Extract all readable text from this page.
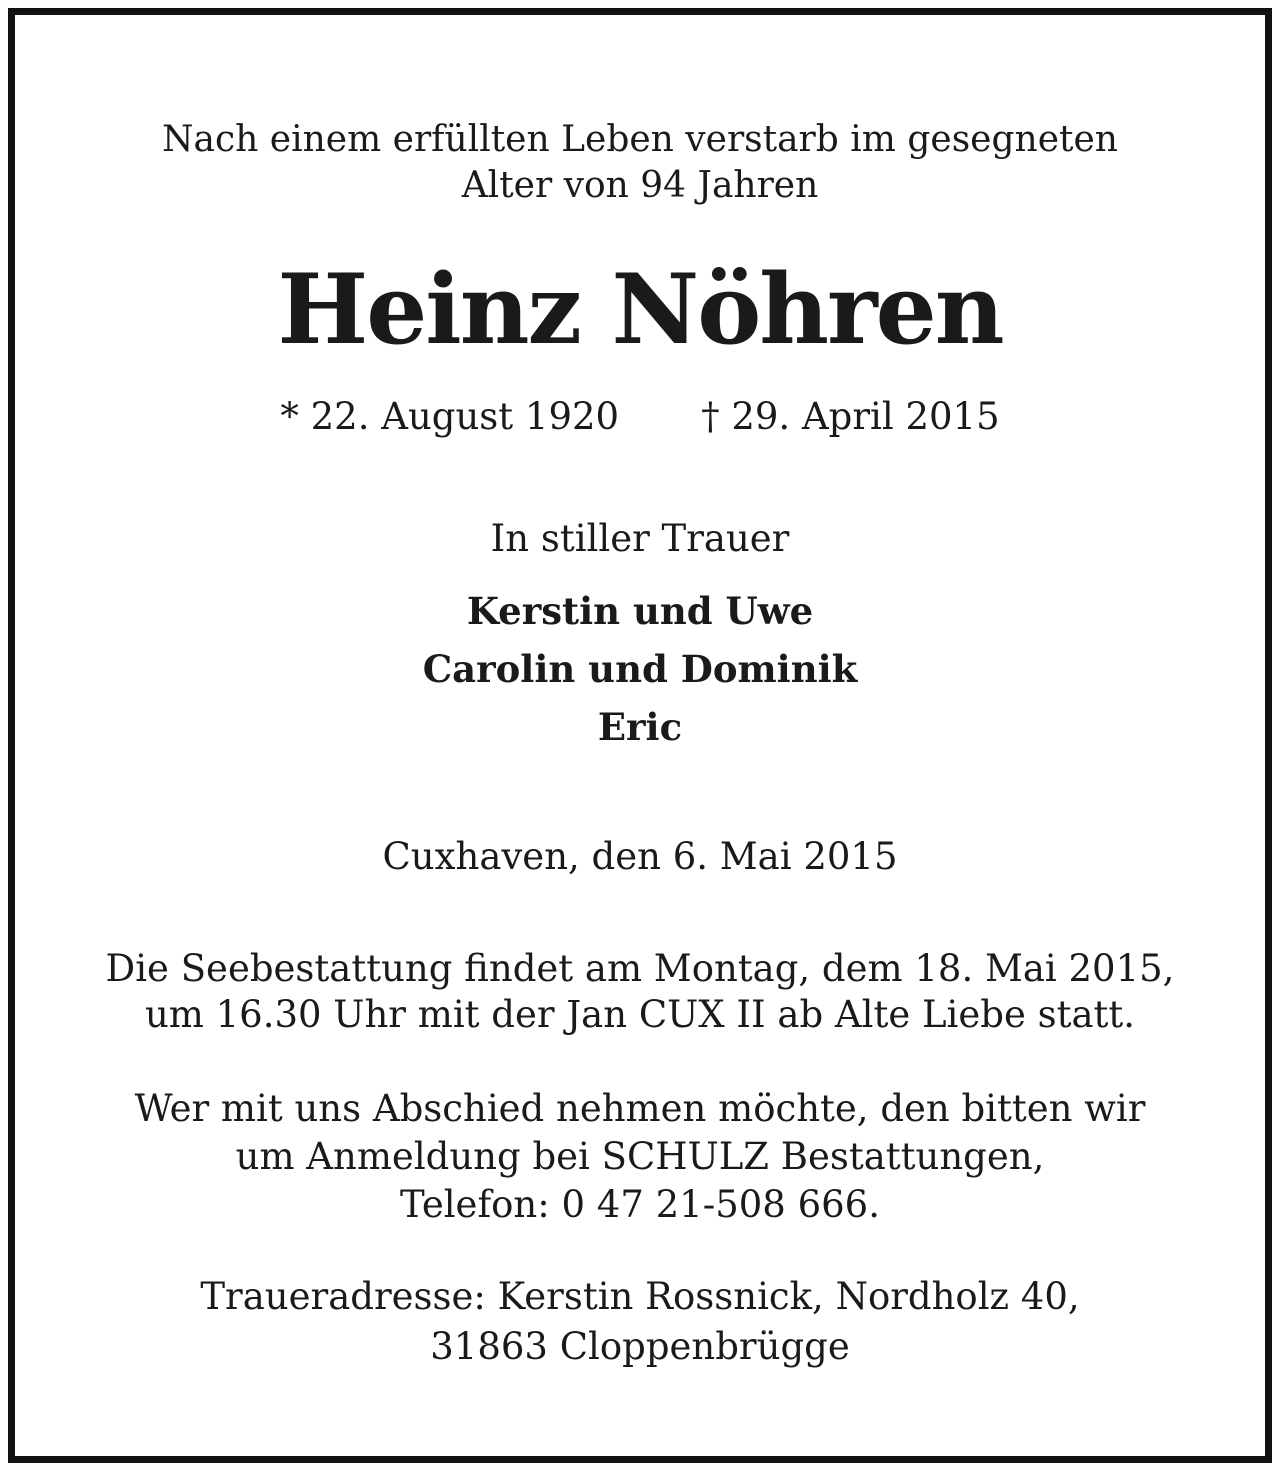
Nach einem erfüllten Leben verstarb im gesegneten
Alter von 94 Jahren
Heinz Nöhren
* 22. August 1920 † 29. April 2015
In stiller Trauer
Kerstin und Uwe
Carolin und Dominik
Eric
Cuxhaven, den 6. Mai 2015
Die Seebestattung findet am Montag, dem 18. Mai 2015,
um 16.30 Uhr mit der Jan CUX II ab Alte Liebe statt.
Wer mit uns Abschied nehmen möchte, den bitten wir
um Anmeldung bei SCHULZ Bestattungen,
Telefon: 0 47 21-508 666.
Traueradresse: Kerstin Rossnick, Nordholz 40,
31863 Cloppenbrügge
